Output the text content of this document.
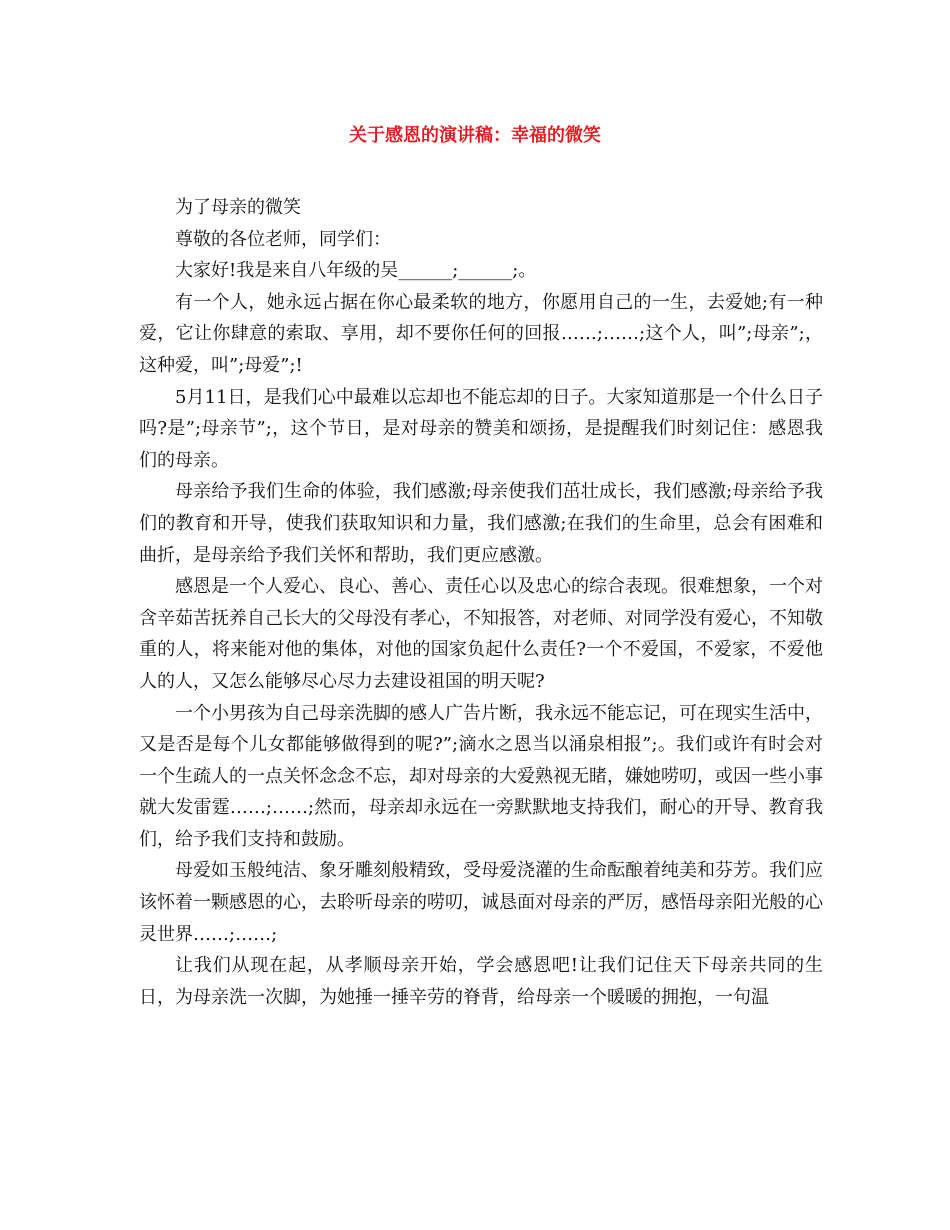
关于感恩的演讲稿：幸福的微笑

为了母亲的微笑

尊敬的各位老师，同学们：

大家好!我是来自八年级的吴______;______;。

有一个人，她永远占据在你心最柔软的地方，你愿用自己的一生，去爱她;有一种爱，它让你肆意的索取、享用，却不要你任何的回报……;……;这个人，叫”;母亲”;，这种爱，叫”;母爱”;!

5月11日，是我们心中最难以忘却也不能忘却的日子。大家知道那是一个什么日子吗?是”;母亲节”;，这个节日，是对母亲的赞美和颂扬，是提醒我们时刻记住：感恩我们的母亲。

母亲给予我们生命的体验，我们感激;母亲使我们茁壮成长，我们感激;母亲给予我们的教育和开导，使我们获取知识和力量，我们感激;在我们的生命里，总会有困难和曲折，是母亲给予我们关怀和帮助，我们更应感激。

感恩是一个人爱心、良心、善心、责任心以及忠心的综合表现。很难想象，一个对含辛茹苦抚养自己长大的父母没有孝心，不知报答，对老师、对同学没有爱心，不知敬重的人，将来能对他的集体，对他的国家负起什么责任?一个不爱国，不爱家，不爱他人的人，又怎么能够尽心尽力去建设祖国的明天呢?

一个小男孩为自己母亲洗脚的感人广告片断，我永远不能忘记，可在现实生活中，又是否是每个儿女都能够做得到的呢?”;滴水之恩当以涌泉相报”;。我们或许有时会对一个生疏人的一点关怀念念不忘，却对母亲的大爱熟视无睹，嫌她唠叨，或因一些小事就大发雷霆……;……;然而，母亲却永远在一旁默默地支持我们，耐心的开导、教育我们，给予我们支持和鼓励。

母爱如玉般纯洁、象牙雕刻般精致，受母爱浇灌的生命酝酿着纯美和芬芳。我们应该怀着一颗感恩的心，去聆听母亲的唠叨，诚恳面对母亲的严厉，感悟母亲阳光般的心灵世界……;……;

让我们从现在起，从孝顺母亲开始，学会感恩吧!让我们记住天下母亲共同的生日，为母亲洗一次脚，为她捶一捶辛劳的脊背，给母亲一个暖暖的拥抱，一句温
